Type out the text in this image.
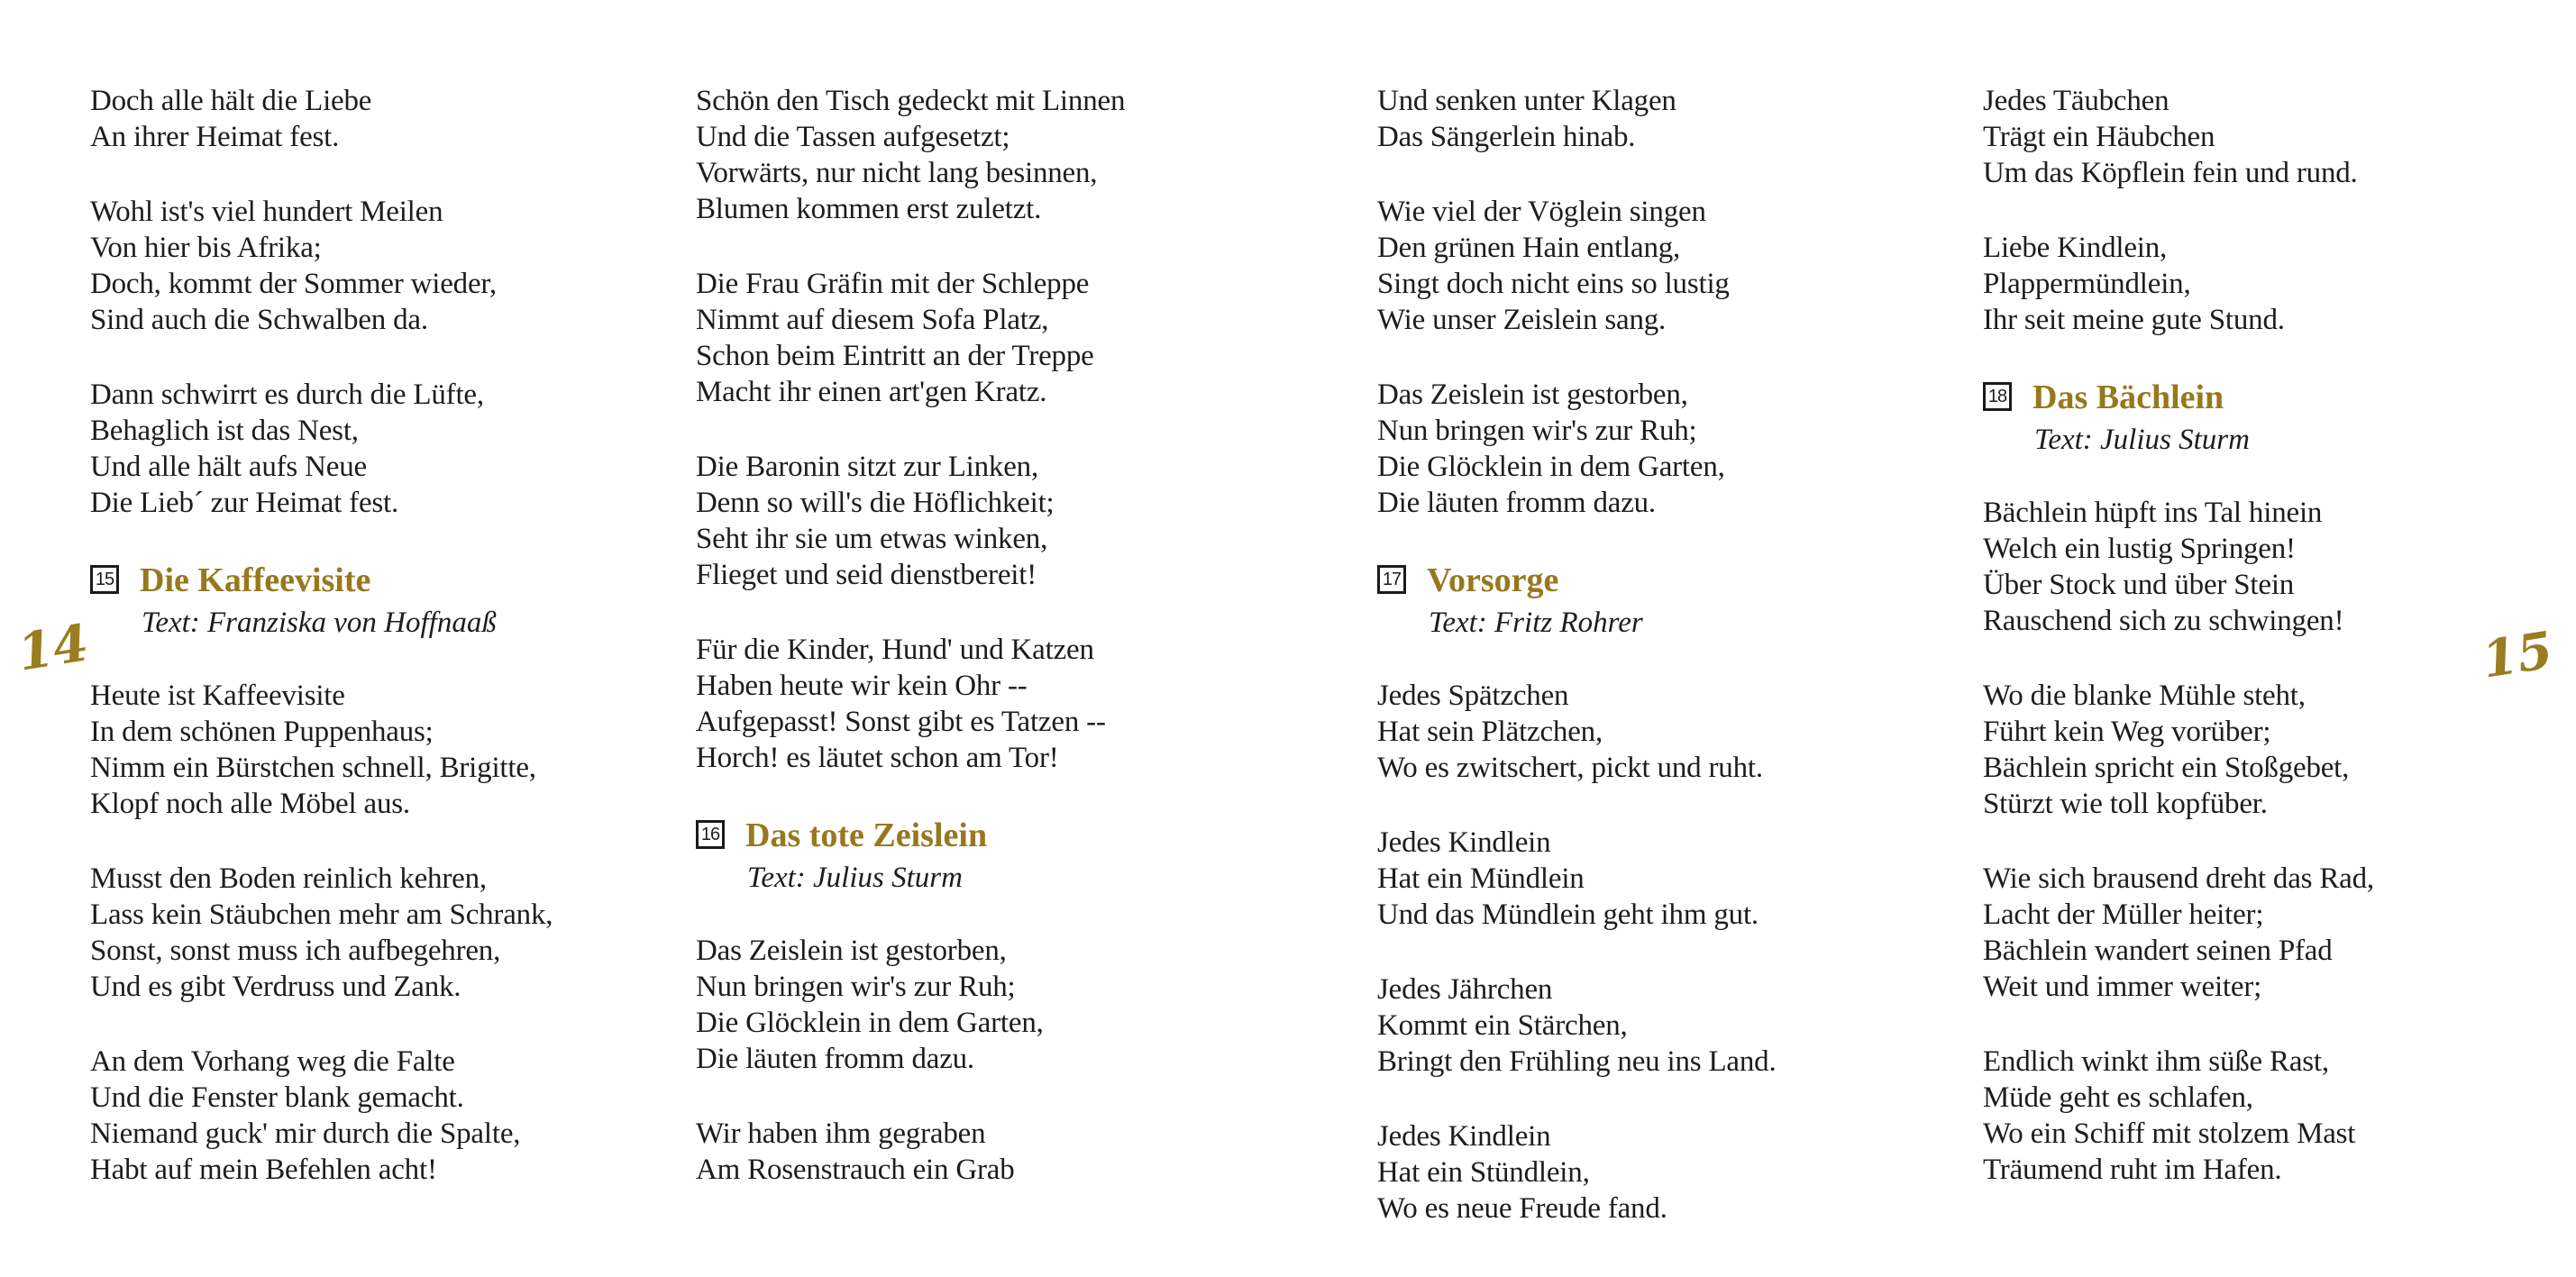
14	15
Doch alle hält die Liebe
An ihrer Heimat fest.
Wohl ist's viel hundert Meilen
Von hier bis Afrika;
Doch, kommt der Sommer wieder,
Sind auch die Schwalben da.
Dann schwirrt es durch die Lüfte,
Behaglich ist das Nest,
Und alle hält aufs Neue
Die Lieb´ zur Heimat fest.
15 Die Kaffeevisite
Text: Franziska von Hoffnaaß
Heute ist Kaffeevisite
In dem schönen Puppenhaus;
Nimm ein Bürstchen schnell, Brigitte,
Klopf noch alle Möbel aus.
Musst den Boden reinlich kehren,
Lass kein Stäubchen mehr am Schrank,
Sonst, sonst muss ich aufbegehren,
Und es gibt Verdruss und Zank.
An dem Vorhang weg die Falte
Und die Fenster blank gemacht.
Niemand guck' mir durch die Spalte,
Habt auf mein Befehlen acht!
Schön den Tisch gedeckt mit Linnen
Und die Tassen aufgesetzt;
Vorwärts, nur nicht lang besinnen,
Blumen kommen erst zuletzt.
Die Frau Gräfin mit der Schleppe
Nimmt auf diesem Sofa Platz,
Schon beim Eintritt an der Treppe
Macht ihr einen art'gen Kratz.
Die Baronin sitzt zur Linken,
Denn so will's die Höflichkeit;
Seht ihr sie um etwas winken,
Flieget und seid dienstbereit!
Für die Kinder, Hund' und Katzen
Haben heute wir kein Ohr --
Aufgepasst! Sonst gibt es Tatzen --
Horch! es läutet schon am Tor!
16 Das tote Zeislein
Text: Julius Sturm
Das Zeislein ist gestorben,
Nun bringen wir's zur Ruh;
Die Glöcklein in dem Garten,
Die läuten fromm dazu.
Wir haben ihm gegraben
Am Rosenstrauch ein Grab
Und senken unter Klagen
Das Sängerlein hinab.
Wie viel der Vöglein singen
Den grünen Hain entlang,
Singt doch nicht eins so lustig
Wie unser Zeislein sang.
Das Zeislein ist gestorben,
Nun bringen wir's zur Ruh;
Die Glöcklein in dem Garten,
Die läuten fromm dazu.
17 Vorsorge
Text: Fritz Rohrer
Jedes Spätzchen
Hat sein Plätzchen,
Wo es zwitschert, pickt und ruht.
Jedes Kindlein
Hat ein Mündlein
Und das Mündlein geht ihm gut.
Jedes Jährchen
Kommt ein Stärchen,
Bringt den Frühling neu ins Land.
Jedes Kindlein
Hat ein Stündlein,
Wo es neue Freude fand.
Jedes Täubchen
Trägt ein Häubchen
Um das Köpflein fein und rund.
Liebe Kindlein,
Plappermündlein,
Ihr seit meine gute Stund.
18 Das Bächlein
Text: Julius Sturm
Bächlein hüpft ins Tal hinein
Welch ein lustig Springen!
Über Stock und über Stein
Rauschend sich zu schwingen!
Wo die blanke Mühle steht,
Führt kein Weg vorüber;
Bächlein spricht ein Stoßgebet,
Stürzt wie toll kopfüber.
Wie sich brausend dreht das Rad,
Lacht der Müller heiter;
Bächlein wandert seinen Pfad
Weit und immer weiter;
Endlich winkt ihm süße Rast,
Müde geht es schlafen,
Wo ein Schiff mit stolzem Mast
Träumend ruht im Hafen.
